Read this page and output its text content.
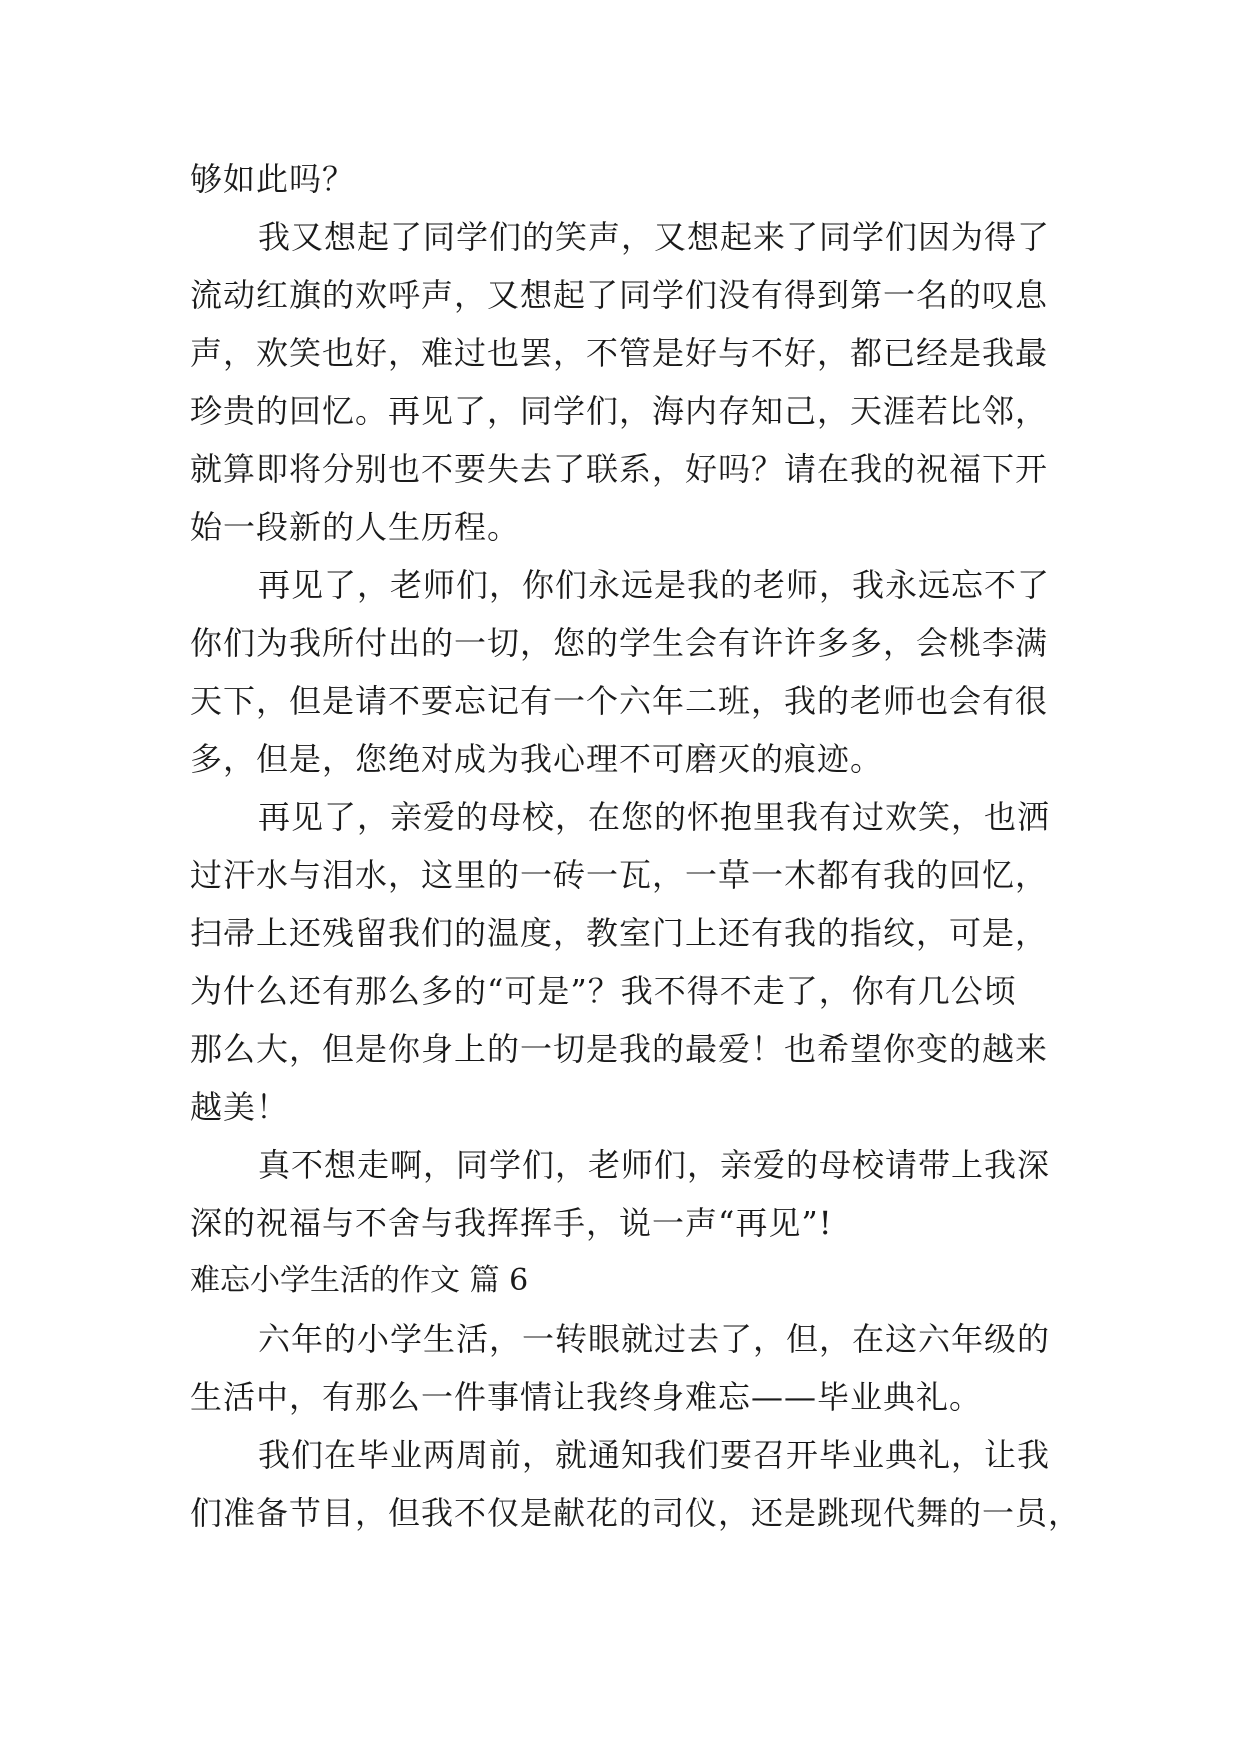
够如此吗？
我又想起了同学们的笑声，又想起来了同学们因为得了
流动红旗的欢呼声，又想起了同学们没有得到第一名的叹息
声，欢笑也好，难过也罢，不管是好与不好，都已经是我最
珍贵的回忆。再见了，同学们，海内存知己，天涯若比邻，
就算即将分别也不要失去了联系，好吗？请在我的祝福下开
始一段新的人生历程。
再见了，老师们，你们永远是我的老师，我永远忘不了
你们为我所付出的一切，您的学生会有许许多多，会桃李满
天下，但是请不要忘记有一个六年二班，我的老师也会有很
多，但是，您绝对成为我心理不可磨灭的痕迹。
再见了，亲爱的母校，在您的怀抱里我有过欢笑，也洒
过汗水与泪水，这里的一砖一瓦，一草一木都有我的回忆，
扫帚上还残留我们的温度，教室门上还有我的指纹，可是，
为什么还有那么多的“可是”？我不得不走了，你有几公顷
那么大，但是你身上的一切是我的最爱！也希望你变的越来
越美！
真不想走啊，同学们，老师们，亲爱的母校请带上我深
深的祝福与不舍与我挥挥手，说一声“再见”!
难忘小学生活的作文 篇 6
六年的小学生活，一转眼就过去了，但，在这六年级的
生活中，有那么一件事情让我终身难忘——毕业典礼。
我们在毕业两周前，就通知我们要召开毕业典礼，让我
们准备节目，但我不仅是献花的司仪，还是跳现代舞的一员，
